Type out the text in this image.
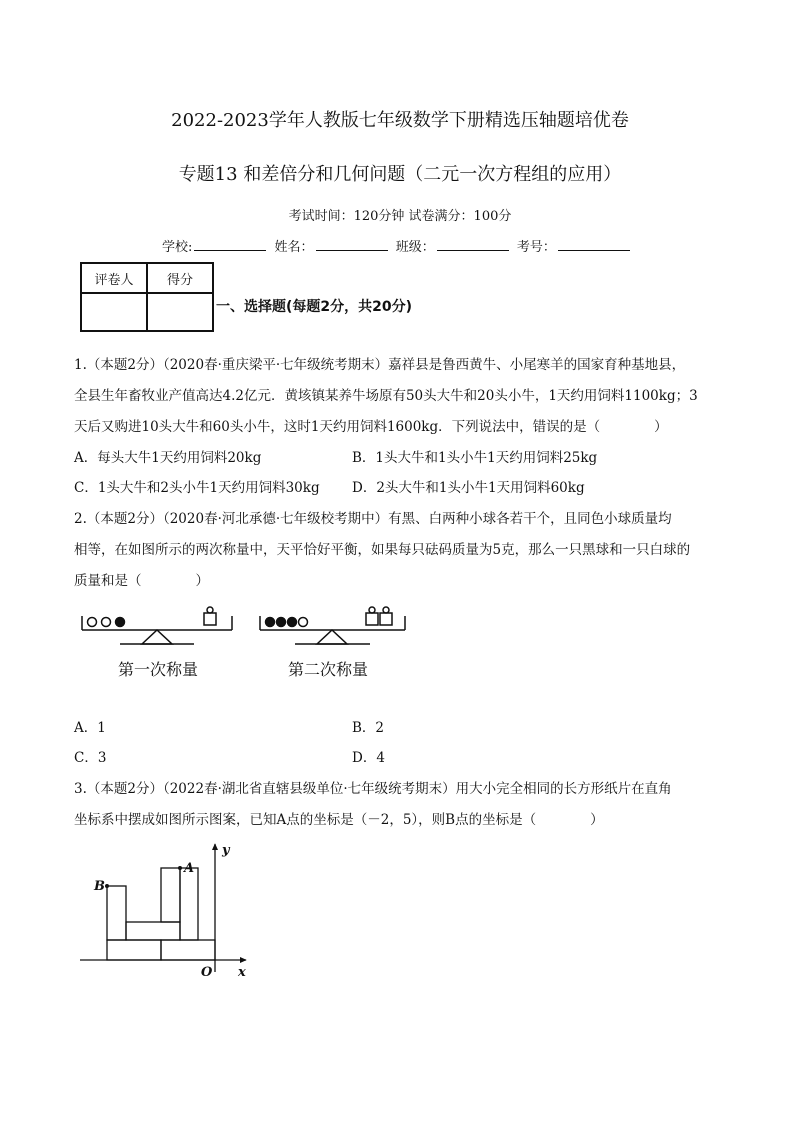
2022-2023学年人教版七年级数学下册精选压轴题培优卷
专题13 和差倍分和几何问题（二元一次方程组的应用）
考试时间：120分钟 试卷满分：100分
学校:	姓名：	班级：	考号：
评卷人	得分

一、选择题(每题2分，共20分)
1.（本题2分）（2020春·重庆梁平·七年级统考期末）嘉祥县是鲁西黄牛、小尾寒羊的国家育种基地县，
全县生年畜牧业产值高达4.2亿元．黄垓镇某养牛场原有50头大牛和20头小牛，1天约用饲料1100kg；3
天后又购进10头大牛和60头小牛，这时1天约用饲料1600kg．下列说法中，错误的是（　　　　）
A．每头大牛1天约用饲料20kg	B．1头大牛和1头小牛1天约用饲料25kg
C．1头大牛和2头小牛1天约用饲料30kg D．2头大牛和1头小牛1天用饲料60kg
2.（本题2分）（2020春·河北承德·七年级校考期中）有黑、白两种小球各若干个，且同色小球质量均
相等，在如图所示的两次称量中，天平恰好平衡，如果每只砝码质量为5克，那么一只黑球和一只白球的
质量和是（　　　　）
第一次称量	第二次称量
A．1	B．2
C．3	D．4
3.（本题2分）（2022春·湖北省直辖县级单位·七年级统考期末）用大小完全相同的长方形纸片在直角
坐标系中摆成如图所示图案，已知A点的坐标是（－2，5），则B点的坐标是（　　　　）
B
A
O x
y
